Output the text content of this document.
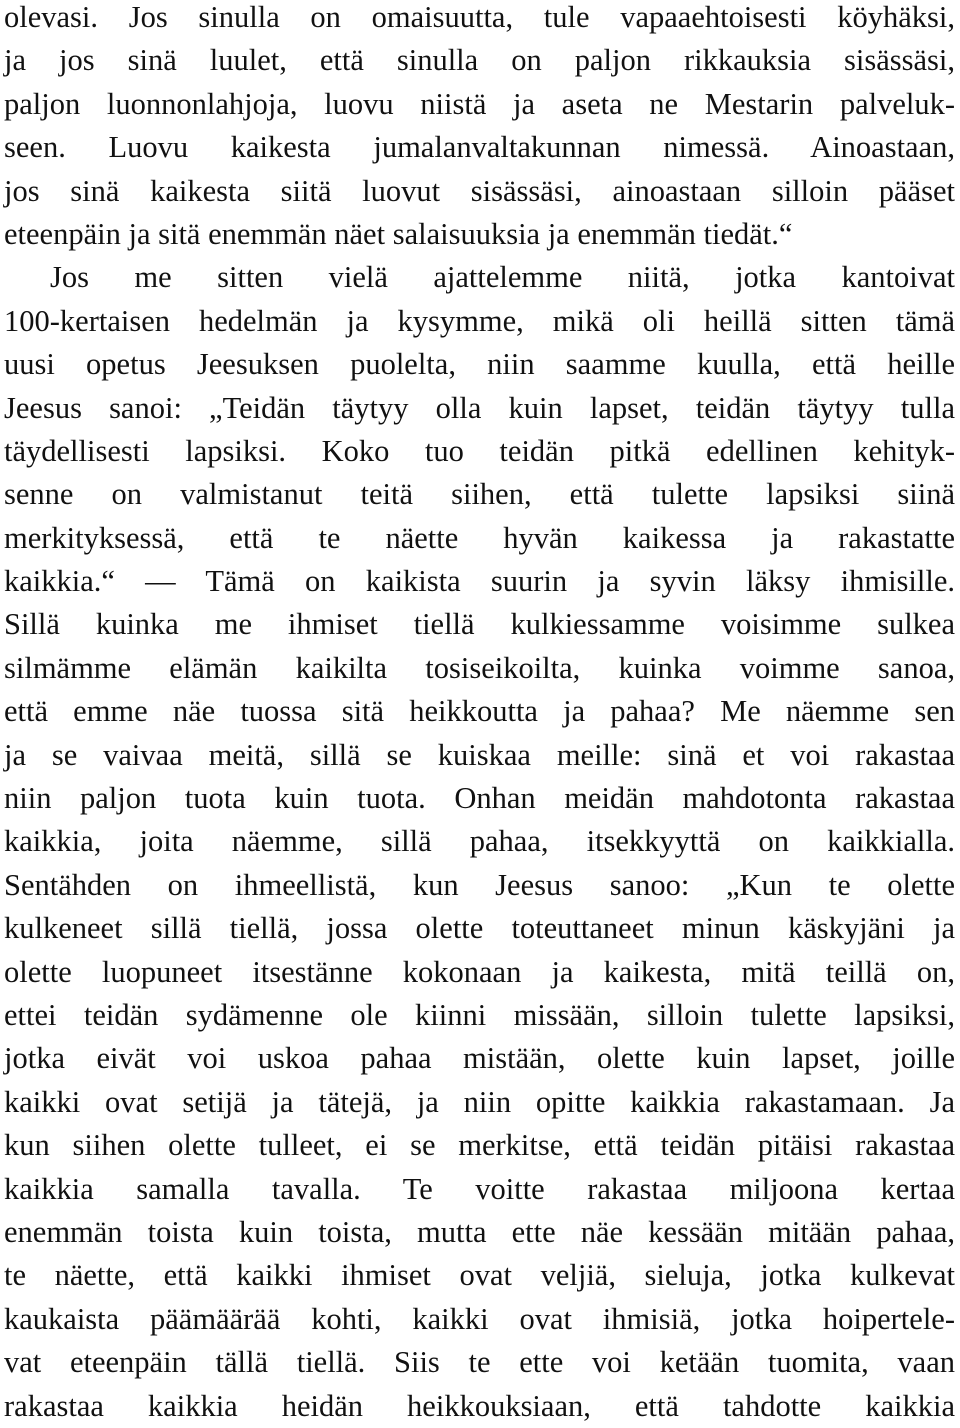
olevasi. Jos sinulla on omaisuutta, tule vapaaehtoisesti köyhäksi,
ja jos sinä luulet, että sinulla on paljon rikkauksia sisässäsi,
paljon luonnonlahjoja, luovu niistä ja aseta ne Mestarin palveluk-
seen. Luovu kaikesta jumalanvaltakunnan nimessä. Ainoastaan,
jos sinä kaikesta siitä luovut sisässäsi, ainoastaan silloin pääset
eteenpäin ja sitä enemmän näet salaisuuksia ja enemmän tiedät.“
Jos me sitten vielä ajattelemme niitä, jotka kantoivat
100-kertaisen hedelmän ja kysymme, mikä oli heillä sitten tämä
uusi opetus Jeesuksen puolelta, niin saamme kuulla, että heille
Jeesus sanoi: „Teidän täytyy olla kuin lapset, teidän täytyy tulla
täydellisesti lapsiksi. Koko tuo teidän pitkä edellinen kehityk-
senne on valmistanut teitä siihen, että tulette lapsiksi siinä
merkityksessä, että te näette hyvän kaikessa ja rakastatte
kaikkia.“ — Tämä on kaikista suurin ja syvin läksy ihmisille.
Sillä kuinka me ihmiset tiellä kulkiessamme voisimme sulkea
silmämme elämän kaikilta tosiseikoilta, kuinka voimme sanoa,
että emme näe tuossa sitä heikkoutta ja pahaa? Me näemme sen
ja se vaivaa meitä, sillä se kuiskaa meille: sinä et voi rakastaa
niin paljon tuota kuin tuota. Onhan meidän mahdotonta rakastaa
kaikkia, joita näemme, sillä pahaa, itsekkyyttä on kaikkialla.
Sentähden on ihmeellistä, kun Jeesus sanoo: „Kun te olette
kulkeneet sillä tiellä, jossa olette toteuttaneet minun käskyjäni ja
olette luopuneet itsestänne kokonaan ja kaikesta, mitä teillä on,
ettei teidän sydämenne ole kiinni missään, silloin tulette lapsiksi,
jotka eivät voi uskoa pahaa mistään, olette kuin lapset, joille
kaikki ovat setijä ja tätejä, ja niin opitte kaikkia rakastamaan. Ja
kun siihen olette tulleet, ei se merkitse, että teidän pitäisi rakastaa
kaikkia samalla tavalla. Te voitte rakastaa miljoona kertaa
enemmän toista kuin toista, mutta ette näe kessään mitään pahaa,
te näette, että kaikki ihmiset ovat veljiä, sieluja, jotka kulkevat
kaukaista päämäärää kohti, kaikki ovat ihmisiä, jotka hoipertele-
vat eteenpäin tällä tiellä. Siis te ette voi ketään tuomita, vaan
rakastaa kaikkia heidän heikkouksiaan, että tahdotte kaikkia
